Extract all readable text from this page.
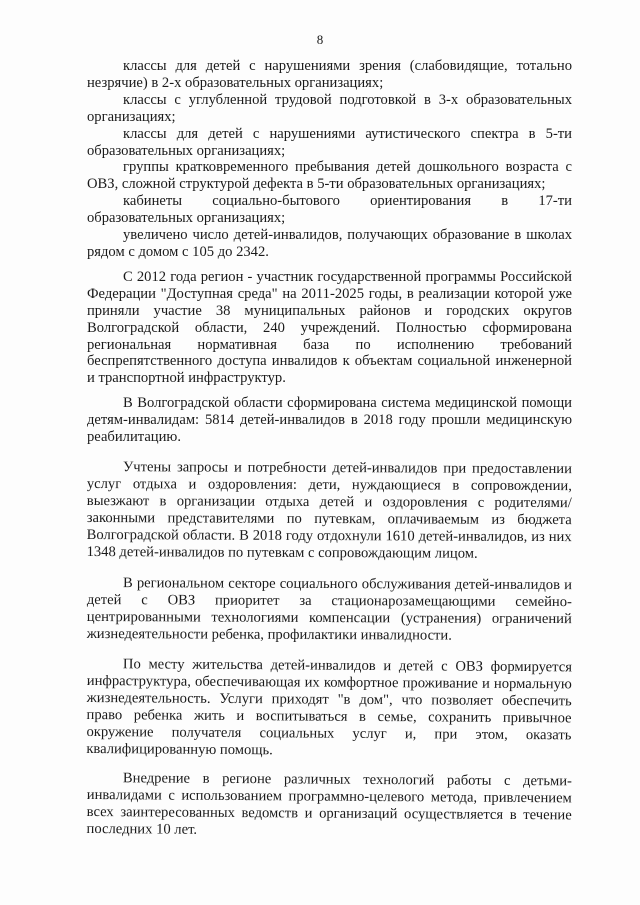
8

классы для детей с нарушениями зрения (слабовидящие, тотально незрячие) в 2-х образовательных организациях;

классы с углубленной трудовой подготовкой в 3-х образовательных организациях;

классы для детей с нарушениями аутистического спектра в 5-ти образовательных организациях;

группы кратковременного пребывания детей дошкольного возраста с ОВЗ, сложной структурой дефекта в 5-ти образовательных организациях;

кабинеты социально-бытового ориентирования в 17-ти образовательных организациях;

увеличено число детей-инвалидов, получающих образование в школах рядом с домом с 105 до 2342.

С 2012 года регион - участник государственной программы Российской Федерации "Доступная среда" на 2011-2025 годы, в реализации которой уже приняли участие 38 муниципальных районов и городских округов Волгоградской области, 240 учреждений. Полностью сформирована региональная нормативная база по исполнению требований беспрепятственного доступа инвалидов к объектам социальной инженерной и транспортной инфраструктур.

В Волгоградской области сформирована система медицинской помощи детям-инвалидам: 5814 детей-инвалидов в 2018 году прошли медицинскую реабилитацию.

Учтены запросы и потребности детей-инвалидов при предоставлении услуг отдыха и оздоровления: дети, нуждающиеся в сопровождении, выезжают в организации отдыха детей и оздоровления с родителями/законными представителями по путевкам, оплачиваемым из бюджета Волгоградской области. В 2018 году отдохнули 1610 детей-инвалидов, из них 1348 детей-инвалидов по путевкам с сопровождающим лицом.

В региональном секторе социального обслуживания детей-инвалидов и детей с ОВЗ приоритет за стационарозамещающими семейно-центрированными технологиями компенсации (устранения) ограничений жизнедеятельности ребенка, профилактики инвалидности.

По месту жительства детей-инвалидов и детей с ОВЗ формируется инфраструктура, обеспечивающая их комфортное проживание и нормальную жизнедеятельность. Услуги приходят "в дом", что позволяет обеспечить право ребенка жить и воспитываться в семье, сохранить привычное окружение получателя социальных услуг и, при этом, оказать квалифицированную помощь.

Внедрение в регионе различных технологий работы с детьми-инвалидами с использованием программно-целевого метода, привлечением всех заинтересованных ведомств и организаций осуществляется в течение последних 10 лет.
